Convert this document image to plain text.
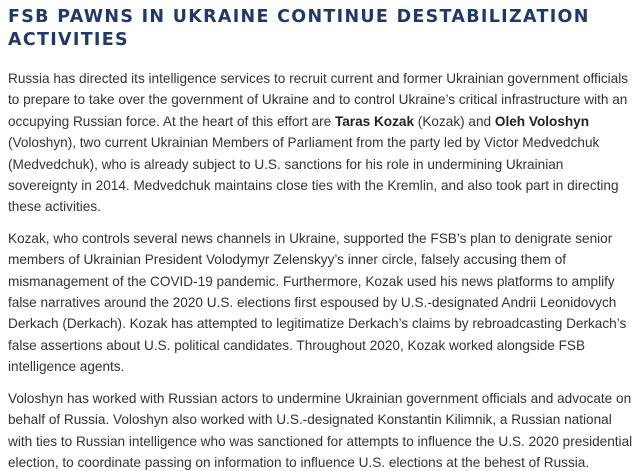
FSB PAWNS IN UKRAINE CONTINUE DESTABILIZATION ACTIVITIES

Russia has directed its intelligence services to recruit current and former Ukrainian government officials to prepare to take over the government of Ukraine and to control Ukraine’s critical infrastructure with an occupying Russian force. At the heart of this effort are Taras Kozak (Kozak) and Oleh Voloshyn (Voloshyn), two current Ukrainian Members of Parliament from the party led by Victor Medvedchuk (Medvedchuk), who is already subject to U.S. sanctions for his role in undermining Ukrainian sovereignty in 2014. Medvedchuk maintains close ties with the Kremlin, and also took part in directing these activities.

Kozak, who controls several news channels in Ukraine, supported the FSB’s plan to denigrate senior members of Ukrainian President Volodymyr Zelenskyy’s inner circle, falsely accusing them of mismanagement of the COVID-19 pandemic. Furthermore, Kozak used his news platforms to amplify false narratives around the 2020 U.S. elections first espoused by U.S.-designated Andrii Leonidovych Derkach (Derkach). Kozak has attempted to legitimatize Derkach’s claims by rebroadcasting Derkach’s false assertions about U.S. political candidates. Throughout 2020, Kozak worked alongside FSB intelligence agents.

Voloshyn has worked with Russian actors to undermine Ukrainian government officials and advocate on behalf of Russia. Voloshyn also worked with U.S.-designated Konstantin Kilimnik, a Russian national with ties to Russian intelligence who was sanctioned for attempts to influence the U.S. 2020 presidential election, to coordinate passing on information to influence U.S. elections at the behest of Russia.
